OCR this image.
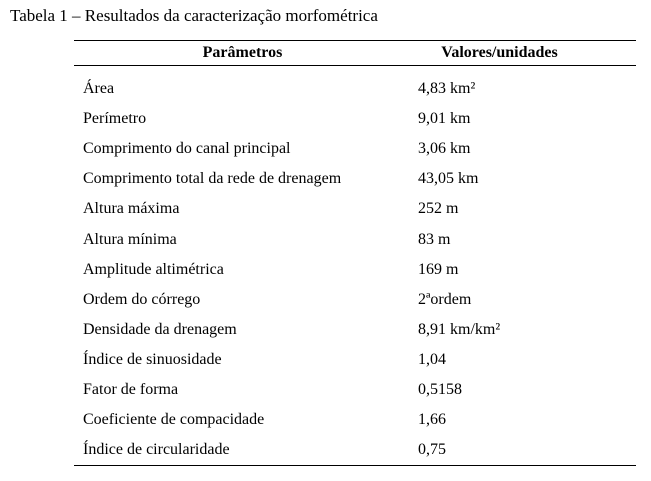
Tabela 1 – Resultados da caracterização morfométrica
Parâmetros	Valores/unidades
Área	4,83 km²
Perímetro	9,01 km
Comprimento do canal principal	3,06 km
Comprimento total da rede de drenagem	43,05 km
Altura máxima	252 m
Altura mínima	83 m
Amplitude altimétrica	169 m
Ordem do córrego	2ªordem
Densidade da drenagem	8,91 km/km²
Índice de sinuosidade	1,04
Fator de forma	0,5158
Coeficiente de compacidade	1,66
Índice de circularidade	0,75
